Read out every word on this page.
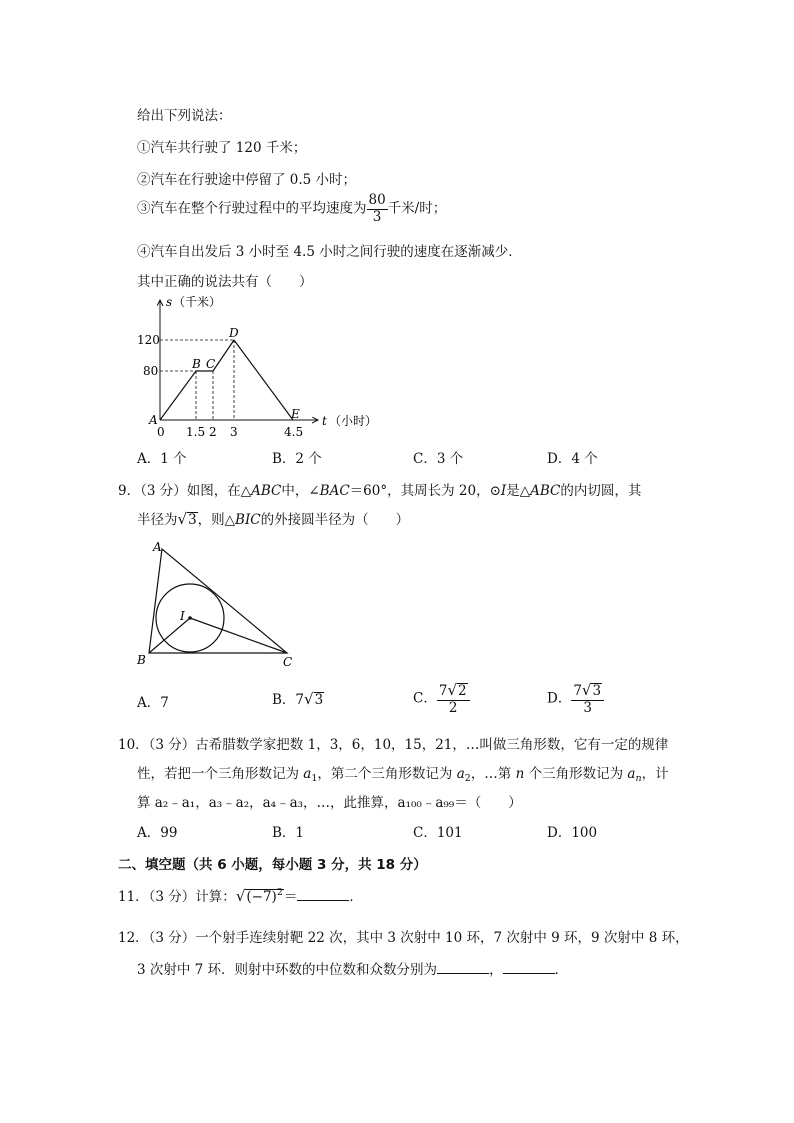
给出下列说法：
①汽车共行驶了 120 千米；
②汽车在行驶途中停留了 0.5 小时；
③汽车在整个行驶过程中的平均速度为 $\frac{80}{3}$ 千米/时；
④汽车自出发后 3 小时至 4.5 小时之间行驶的速度在逐渐减少．
其中正确的说法共有（　　）
s （千米）
t （小时）
120
80
0 1.5 2 3	4.5
A
B C
D
E
A．1 个	B．2 个	C．3 个	D．4 个
9．（3 分）如图，在△ABC中，∠BAC＝60°，其周长为 20，⊙I是△ABC的内切圆，其
半径为√3，则△BIC的外接圆半径为（　　）
A
B	C
I
A．7	B．7√3	C． $\frac{7√2}{2}$	D． $\frac{7√3}{3}$
10．（3 分）古希腊数学家把数 1，3，6，10，15，21，…叫做三角形数，它有一定的规律
性，若把一个三角形数记为 $a_1$，第二个三角形数记为 $a_2$，…第 n 个三角形数记为 $a_n$，计
算 a₂﹣a₁，a₃﹣a₂，a₄﹣a₃，…，此推算，a₁₀₀﹣a₉₉＝（　　）
A．99	B．1	C．101	D．100
二、填空题（共 6 小题，每小题 3 分，共 18 分）
11．（3 分）计算：$√(-7)^2=$	．
12．（3 分）一个射手连续射靶 22 次，其中 3 次射中 10 环，7 次射中 9 环，9 次射中 8 环，
3 次射中 7 环．则射中环数的中位数和众数分别为	，	．
